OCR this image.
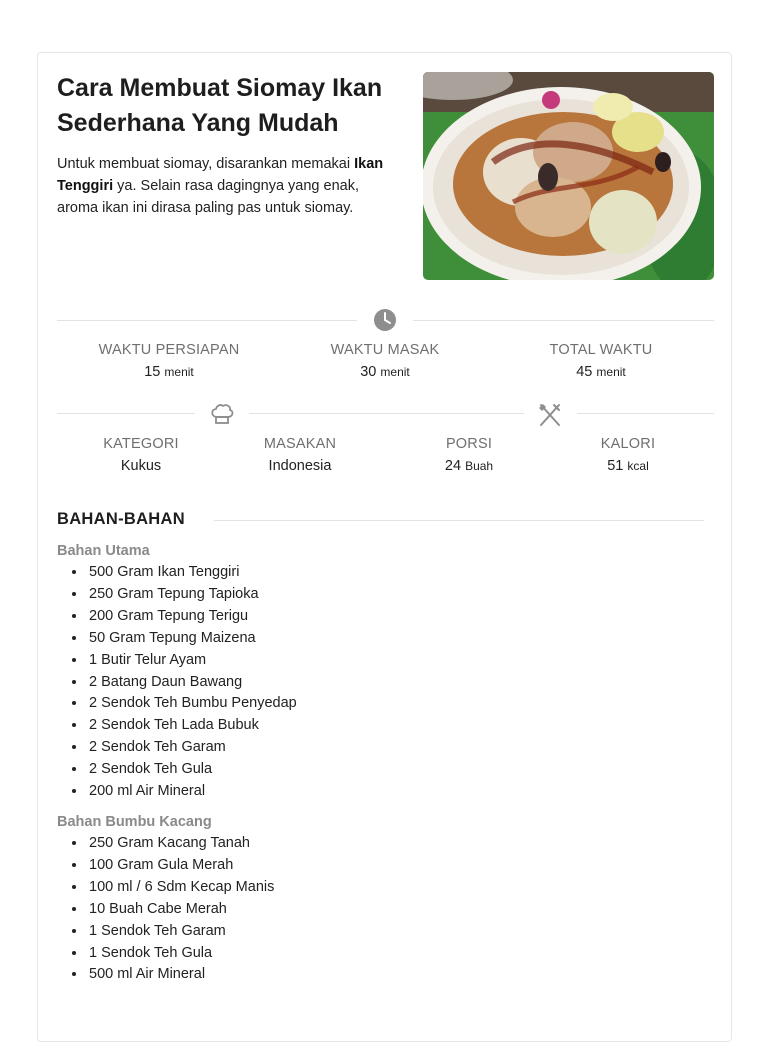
Cara Membuat Siomay Ikan Sederhana Yang Mudah

Untuk membuat siomay, disarankan memakai Ikan Tenggiri ya. Selain rasa dagingnya yang enak, aroma ikan ini dirasa paling pas untuk siomay.

WAKTU PERSIAPAN
15 menit
WAKTU MASAK
30 menit
TOTAL WAKTU
45 menit
KATEGORI
Kukus
MASAKAN
Indonesia
PORSI
24 Buah
KALORI
51 kcal
BAHAN-BAHAN
Bahan Utama
• 500 Gram Ikan Tenggiri
• 250 Gram Tepung Tapioka
• 200 Gram Tepung Terigu
• 50 Gram Tepung Maizena
• 1 Butir Telur Ayam
• 2 Batang Daun Bawang
• 2 Sendok Teh Bumbu Penyedap
• 2 Sendok Teh Lada Bubuk
• 2 Sendok Teh Garam
• 2 Sendok Teh Gula
• 200 ml Air Mineral
Bahan Bumbu Kacang
• 250 Gram Kacang Tanah
• 100 Gram Gula Merah
• 100 ml / 6 Sdm Kecap Manis
• 10 Buah Cabe Merah
• 1 Sendok Teh Garam
• 1 Sendok Teh Gula
• 500 ml Air Mineral
